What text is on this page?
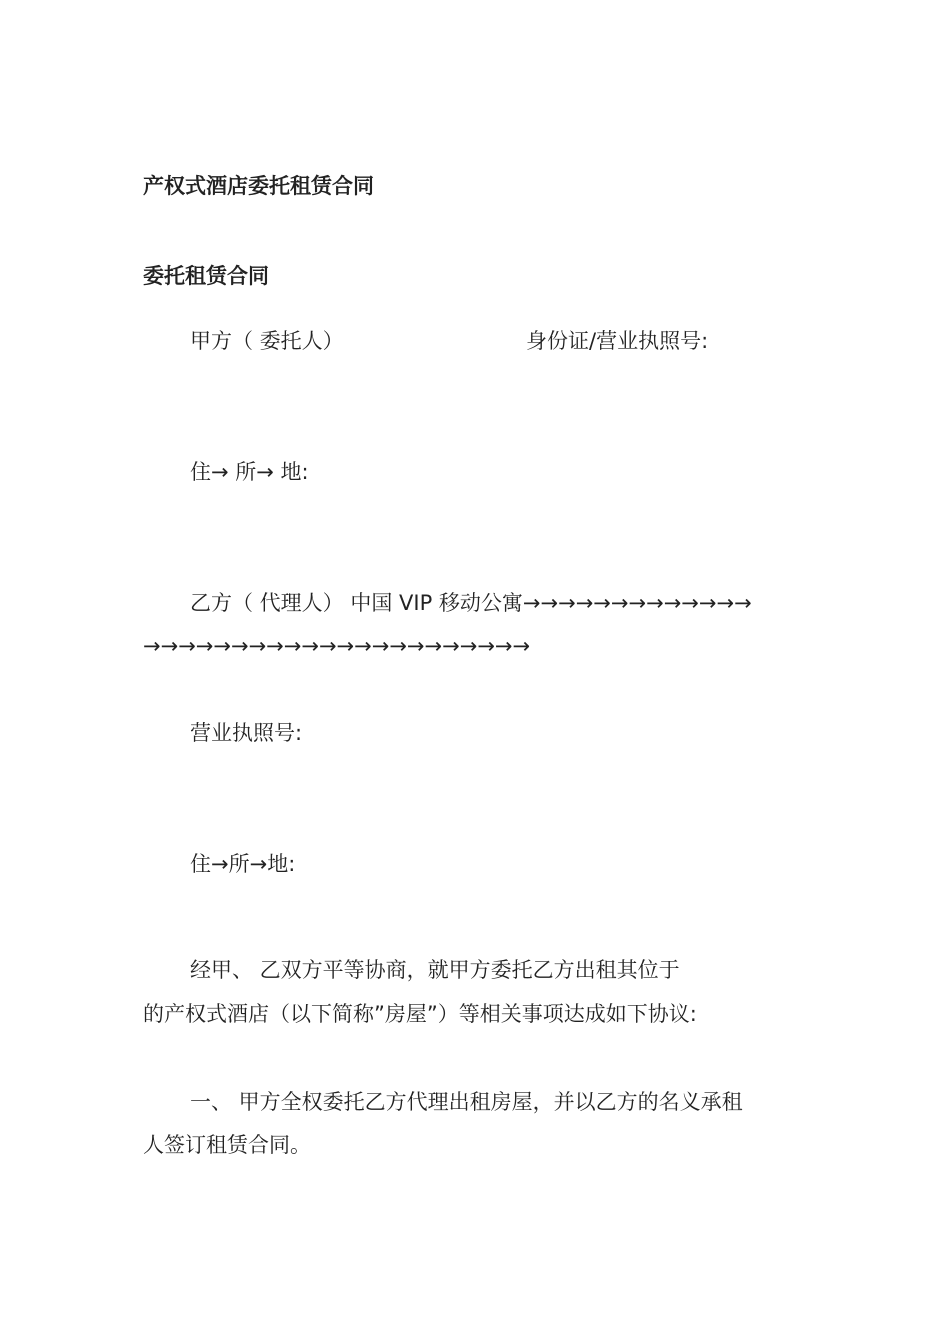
产权式酒店委托租赁合同
委托租赁合同
甲方（ 委托人）	身份证/营业执照号:
住→ 所→ 地:
乙方（ 代理人） 中国 VIP 移动公寓→→→→→→→→→→→→→
→→→→→→→→→→→→→→→→→→→→→→
营业执照号:
住→所→地:
经甲、 乙双方平等协商，就甲方委托乙方出租其位于
的产权式酒店（以下简称”房屋”）等相关事项达成如下协议:
一、 甲方全权委托乙方代理出租房屋，并以乙方的名义承租
人签订租赁合同。
